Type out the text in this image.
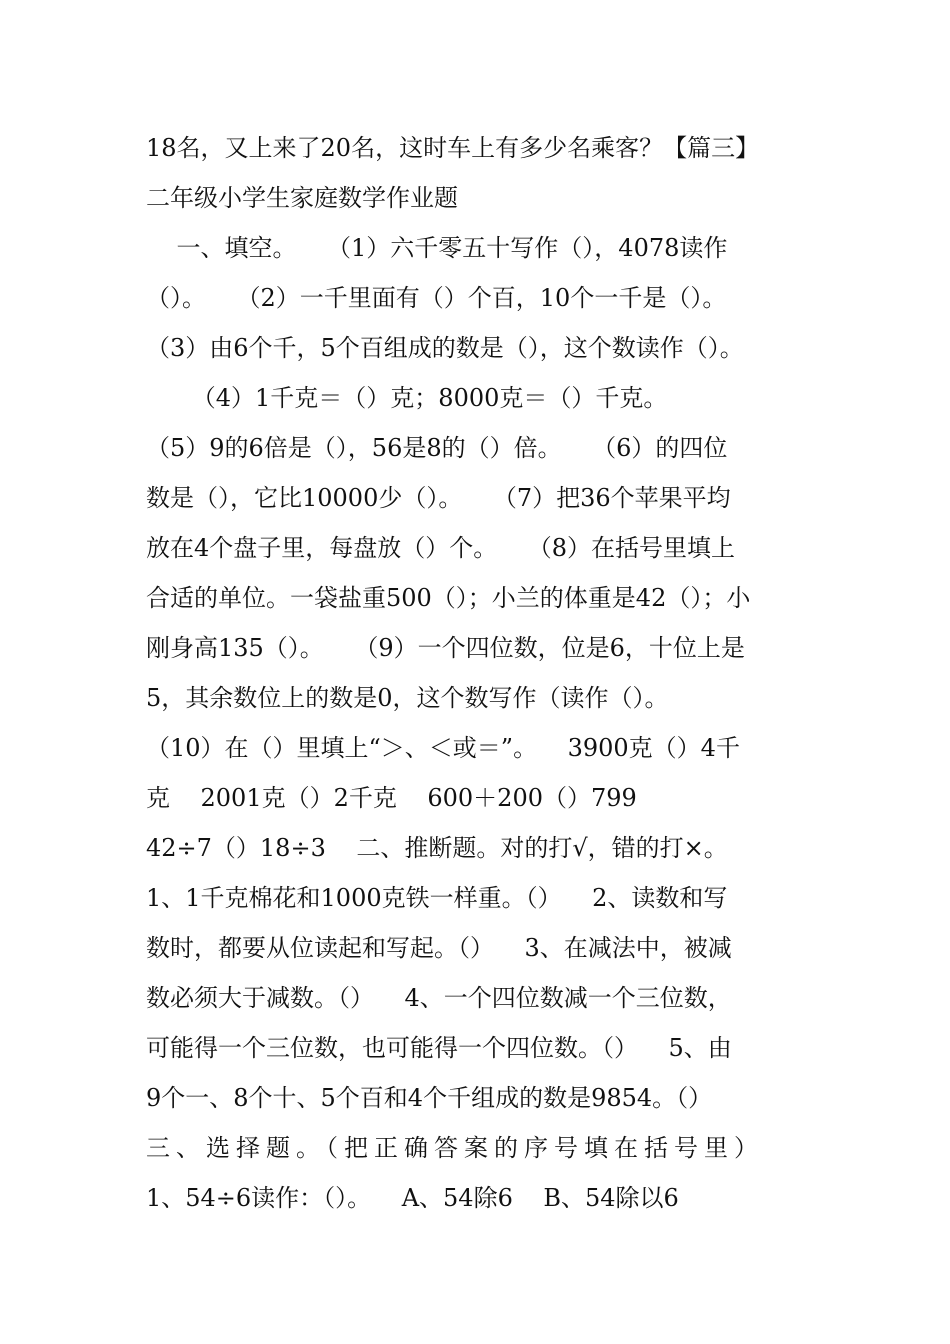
18名，又上来了20名，这时车上有多少名乘客？【篇三】
二年级小学生家庭数学作业题
一、填空。    （1）六千零五十写作（），4078读作
（）。    （2）一千里面有（）个百，10个一千是（）。
（3）由6个千，5个百组成的数是（），这个数读作（）。
（4）1千克＝（）克；8000克＝（）千克。
（5）9的6倍是（），56是8的（）倍。    （6）的四位
数是（），它比10000少（）。    （7）把36个苹果平均
放在4个盘子里，每盘放（）个。    （8）在括号里填上
合适的单位。一袋盐重500（）；小兰的体重是42（）；小
刚身高135（）。    （9）一个四位数，位是6，十位上是
5，其余数位上的数是0，这个数写作（读作（）。
（10）在（）里填上“＞、＜或＝”。    3900克（）4千
克    2001克（）2千克    600＋200（）799
42÷7（）18÷3    二、推断题。对的打√，错的打×。
1、1千克棉花和1000克铁一样重。（）    2、读数和写
数时，都要从位读起和写起。（）    3、在减法中，被减
数必须大于减数。（）    4、一个四位数减一个三位数，
可能得一个三位数，也可能得一个四位数。（）    5、由
9个一、8个十、5个百和4个千组成的数是9854。（）
三、选择题。（把正确答案的序号填在括号里）
1、54÷6读作：（）。    A、54除6    B、54除以6
